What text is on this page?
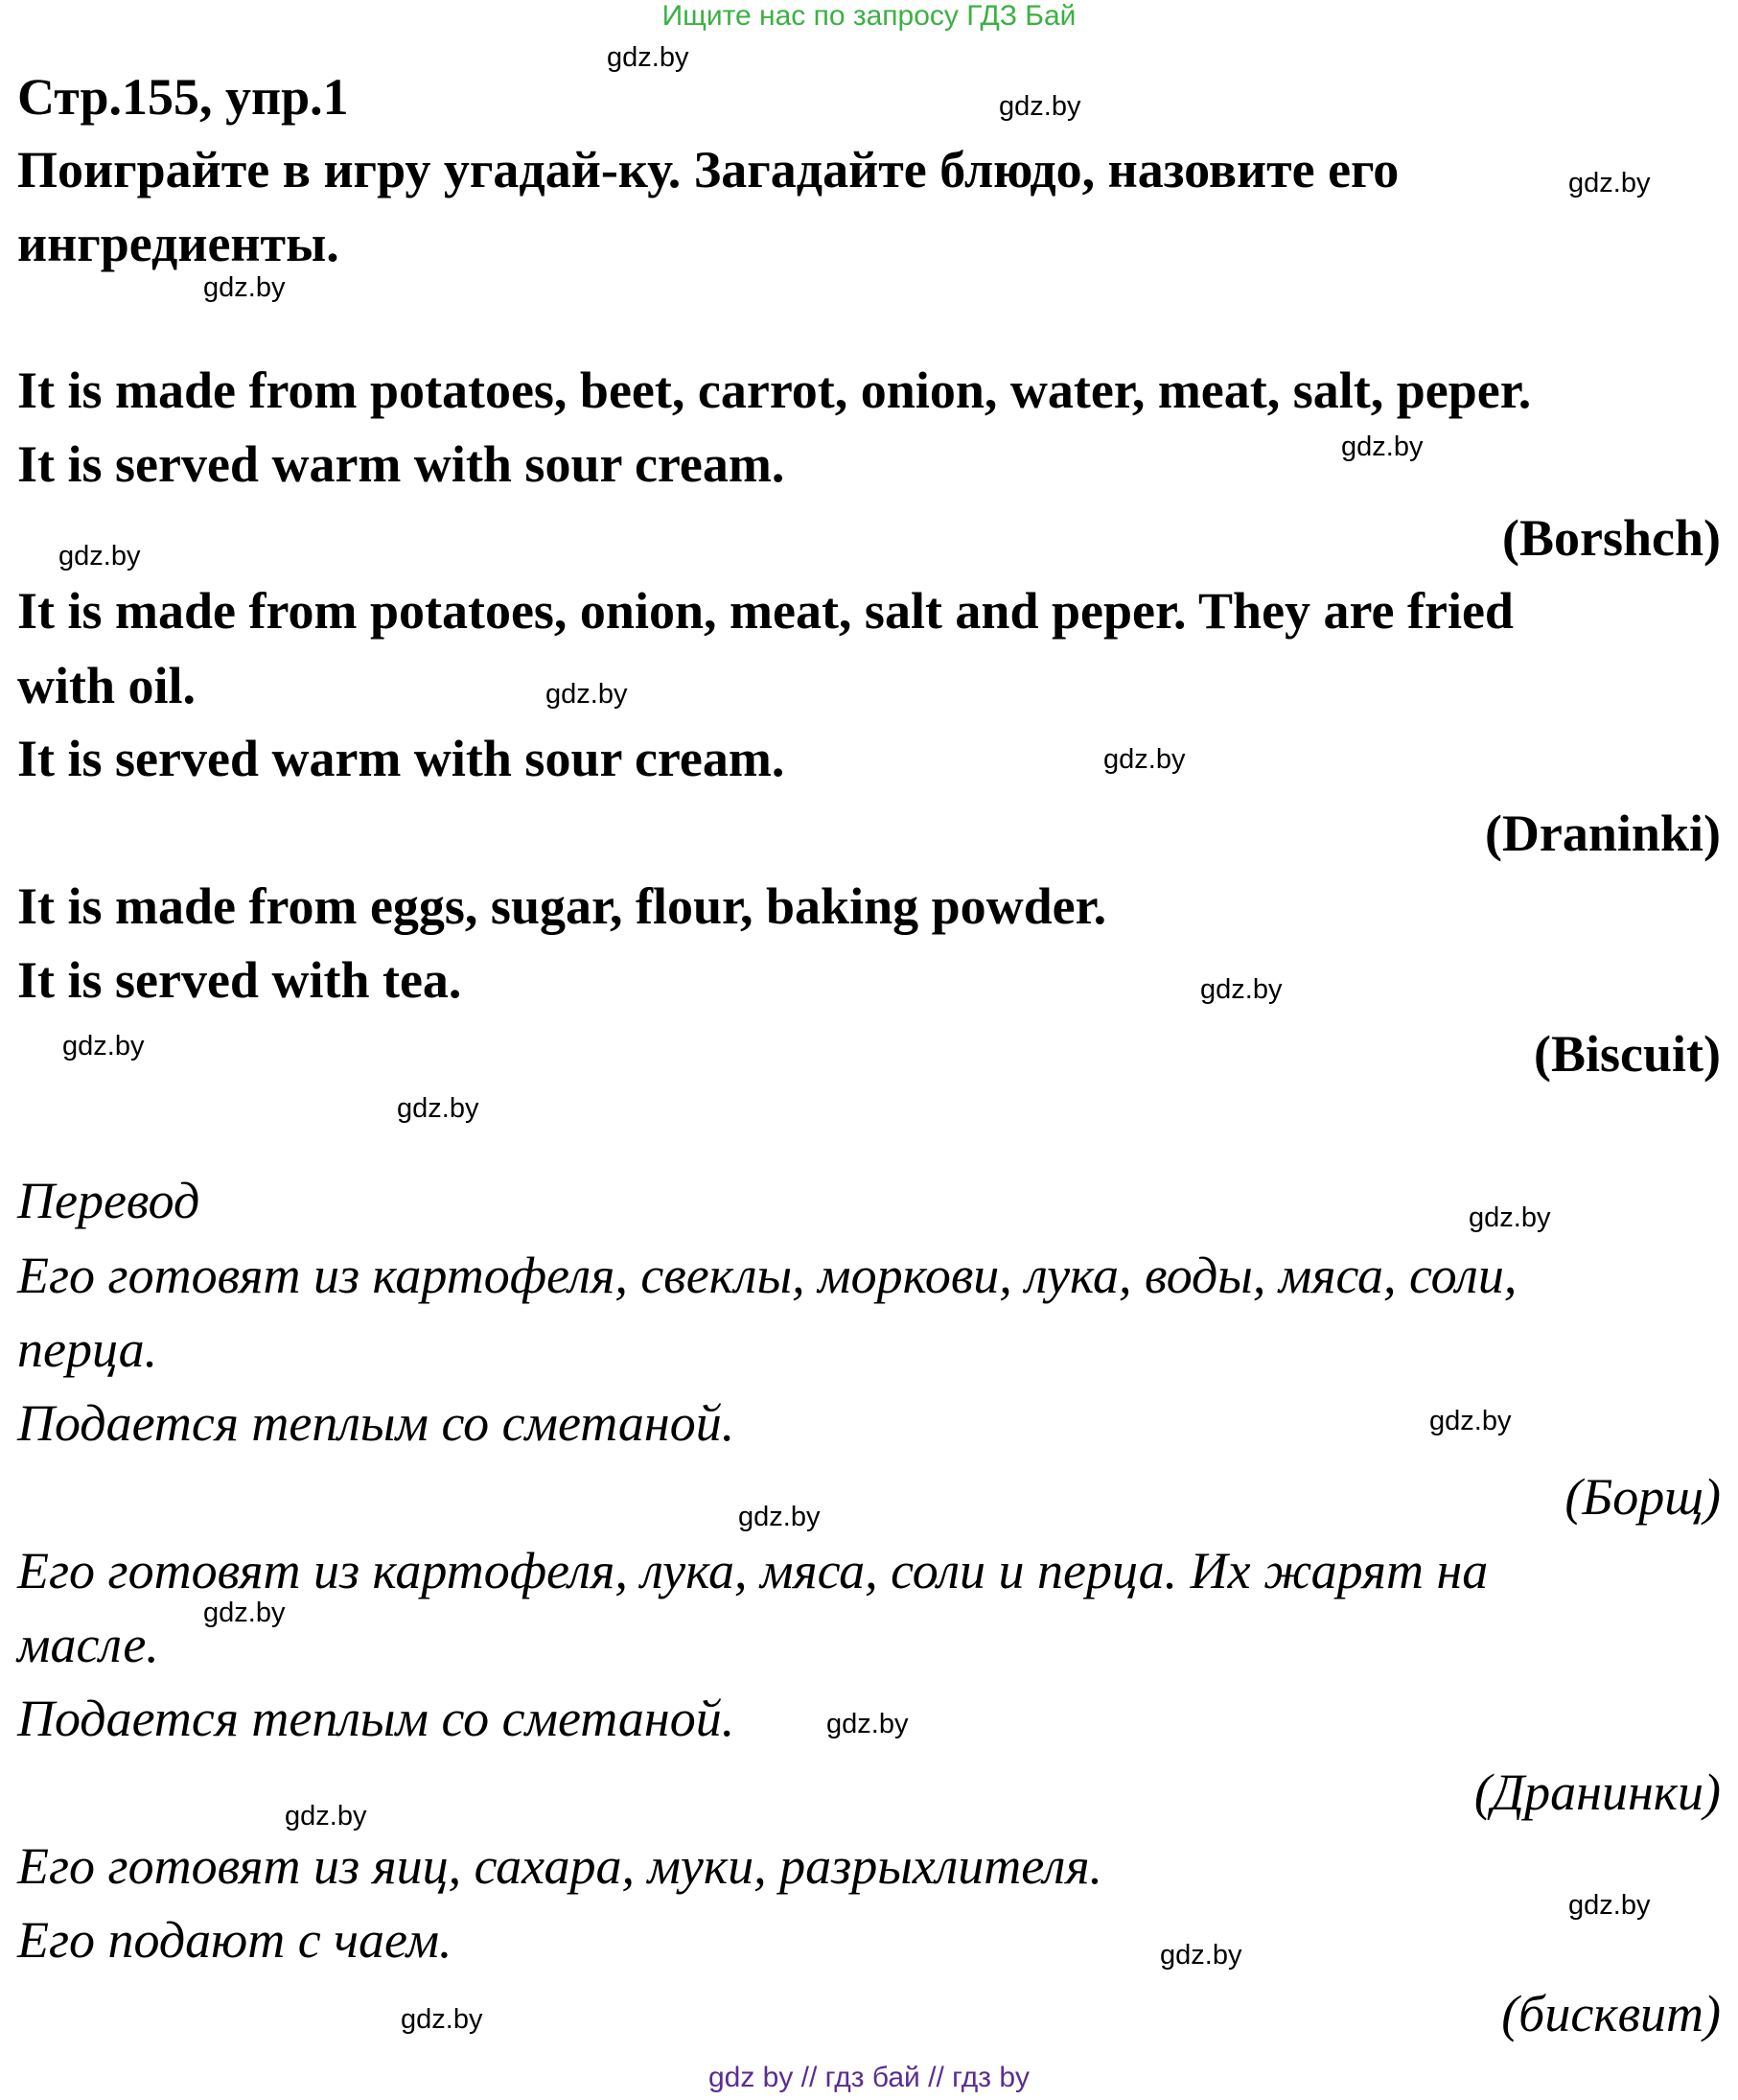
Ищите нас по запросу ГДЗ Бай
Стр.155, упр.1
Поиграйте в игру угадай-ку. Загадайте блюдо, назовите его
ингредиенты.
It is made from potatoes, beet, carrot, onion, water, meat, salt, peper.
It is served warm with sour cream.
(Borshch)
It is made from potatoes, onion, meat, salt and peper. They are fried
with oil.
It is served warm with sour cream.
(Draninki)
It is made from eggs, sugar, flour, baking powder.
It is served with tea.
(Biscuit)
Перевод
Его готовят из картофеля, свеклы, моркови, лука, воды, мяса, соли,
перца.
Подается теплым со сметаной.
(Борщ)
Его готовят из картофеля, лука, мяса, соли и перца. Их жарят на
масле.
Подается теплым со сметаной.
(Дранинки)
Его готовят из яиц, сахара, муки, разрыхлителя.
Его подают с чаем.
(бисквит)
gdz.by
gdz.by
gdz.by
gdz.by
gdz.by
gdz.by
gdz.by
gdz.by
gdz.by
gdz.by
gdz.by
gdz.by
gdz.by
gdz.by
gdz.by
gdz.by
gdz.by
gdz.by
gdz.by
gdz.by
gdz by // гдз бай // гдз by
